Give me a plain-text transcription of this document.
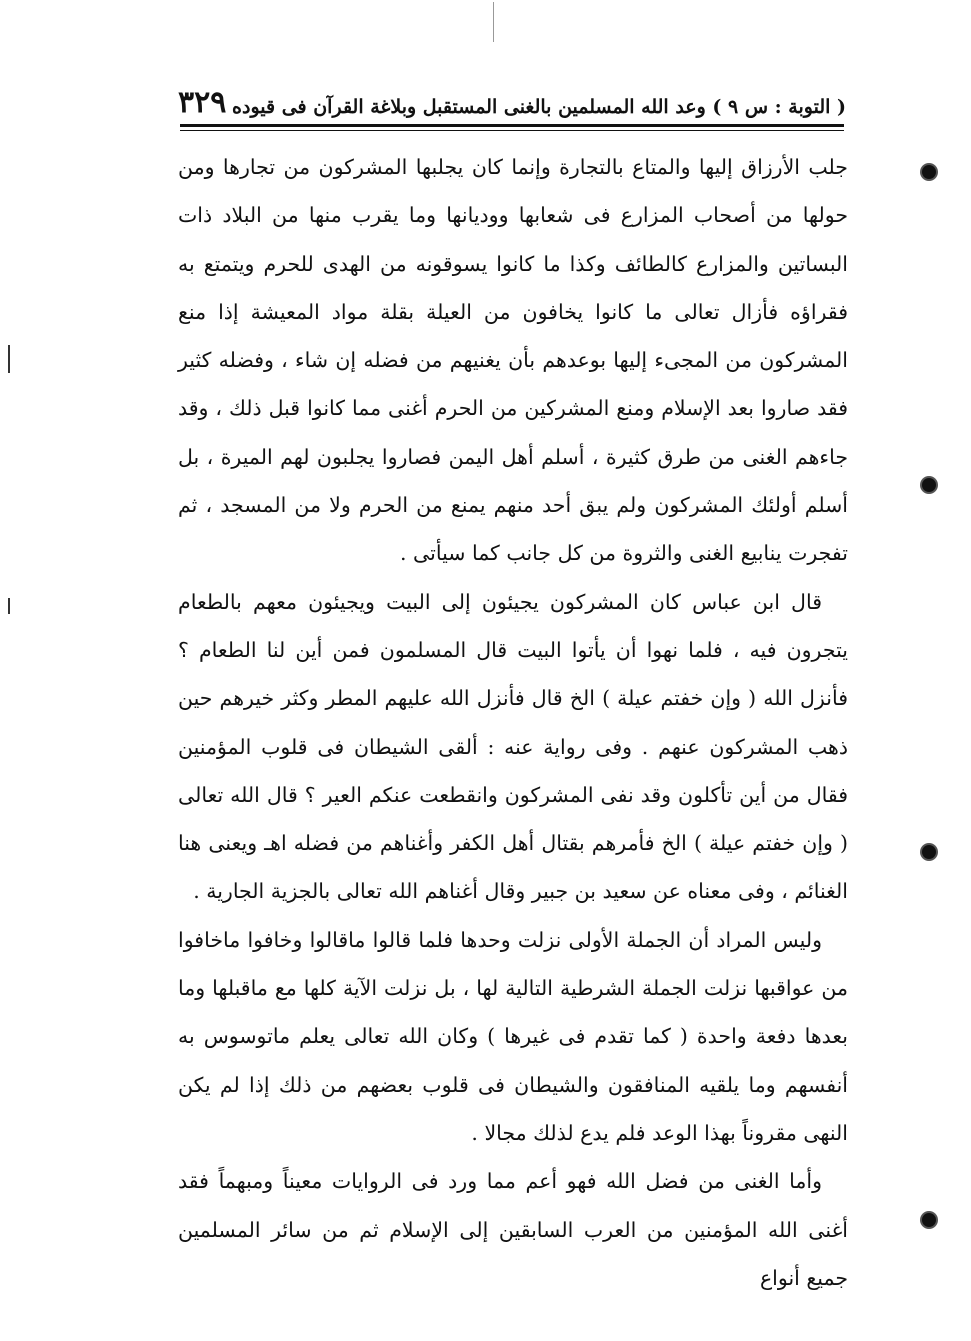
( التوبة : س ٩ ) وعد الله المسلمين بالغنى المستقبل وبلاغة القرآن فى قيوده
٣٢٩

جلب الأرزاق إليها والمتاع بالتجارة وإنما كان يجلبها المشركون من تجارها ومن حولها من أصحاب المزارع فى شعابها ووديانها وما يقرب منها من البلاد ذات البساتين والمزارع كالطائف وكذا ما كانوا يسوقونه من الهدى للحرم ويتمتع به فقراؤه فأزال تعالى ما كانوا يخافون من العيلة بقلة مواد المعيشة إذا منع المشركون من المجىء إليها بوعدهم بأن يغنيهم من فضله إن شاء ، وفضله كثير فقد صاروا بعد الإسلام ومنع المشركين من الحرم أغنى مما كانوا قبل ذلك ، وقد جاءهم الغنى من طرق كثيرة ، أسلم أهل اليمن فصاروا يجلبون لهم الميرة ، بل أسلم أولئك المشركون ولم يبق أحد منهم يمنع من الحرم ولا من المسجد ، ثم تفجرت ينابيع الغنى والثروة من كل جانب كما سيأتى .

قال ابن عباس كان المشركون يجيئون إلى البيت ويجيئون معهم بالطعام يتجرون فيه ، فلما نهوا أن يأتوا البيت قال المسلمون فمن أين لنا الطعام ؟ فأنزل الله ( وإن خفتم عيلة ) الخ قال فأنزل الله عليهم المطر وكثر خيرهم حين ذهب المشركون عنهم . وفى رواية عنه : ألقى الشيطان فى قلوب المؤمنين فقال من أين تأكلون وقد نفى المشركون وانقطعت عنكم العير ؟ قال الله تعالى ( وإن خفتم عيلة ) الخ فأمرهم بقتال أهل الكفر وأغناهم من فضله اهـ ويعنى هنا الغنائم ، وفى معناه عن سعيد بن جبير وقال أغناهم الله تعالى بالجزية الجارية .

وليس المراد أن الجملة الأولى نزلت وحدها فلما قالوا ماقالوا وخافوا ماخافوا من عواقبها نزلت الجملة الشرطية التالية لها ، بل نزلت الآية كلها مع ماقبلها وما بعدها دفعة واحدة ( كما تقدم فى غيرها ) وكان الله تعالى يعلم ماتوسوس به أنفسهم وما يلقيه المنافقون والشيطان فى قلوب بعضهم من ذلك إذا لم يكن النهى مقروناً بهذا الوعد فلم يدع لذلك مجالا .

وأما الغنى من فضل الله فهو أعم مما ورد فى الروايات معيناً ومبهماً فقد أغنى الله المؤمنين من العرب السابقين إلى الإسلام ثم من سائر المسلمين جميع أنواع
